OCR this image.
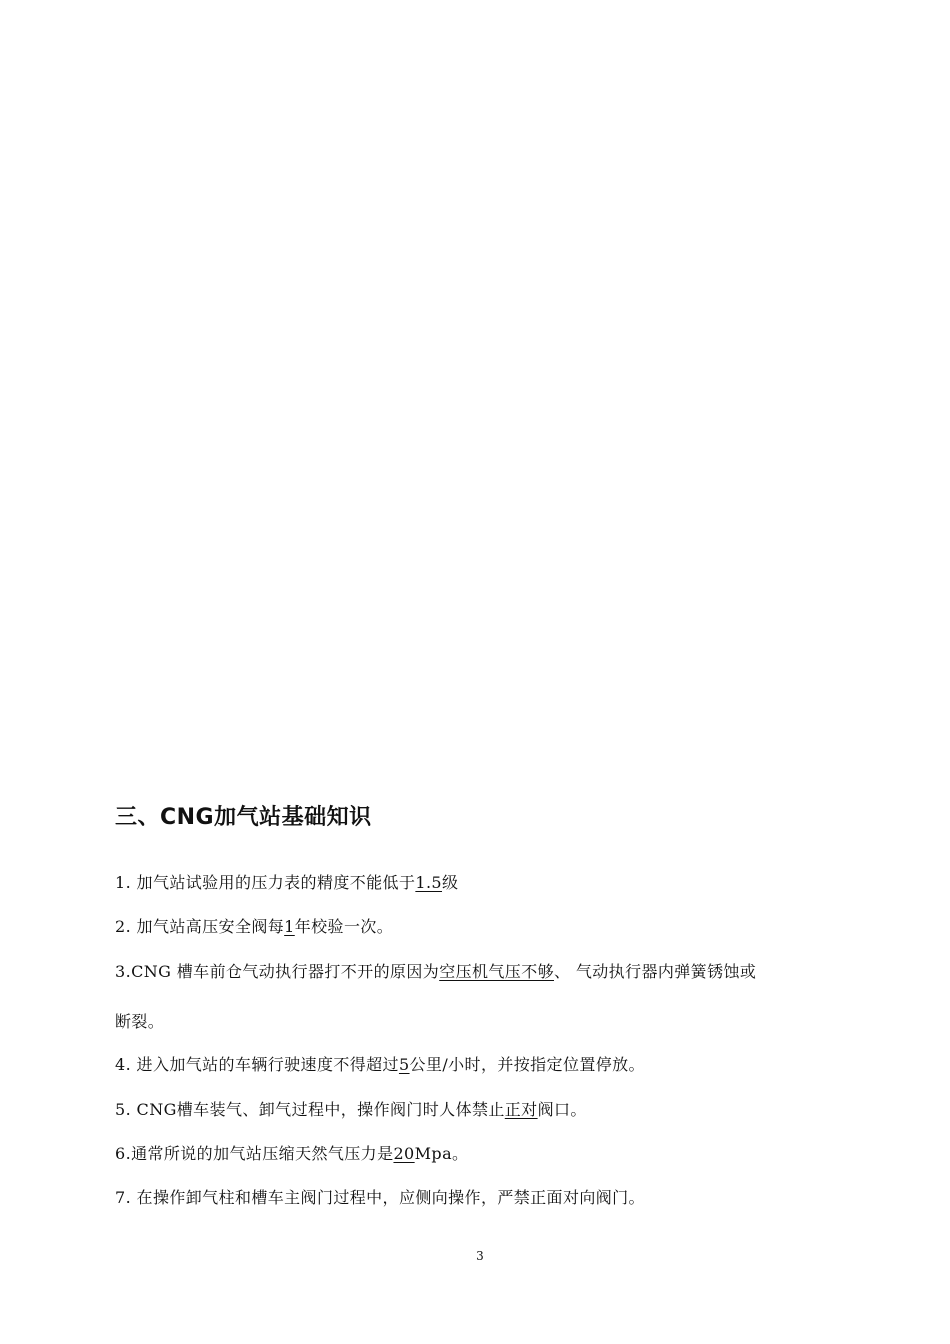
三、CNG加气站基础知识
1. 加气站试验用的压力表的精度不能低于1.5级
2. 加气站高压安全阀每1年校验一次。
3.CNG 槽车前仓气动执行器打不开的原因为空压机气压不够、 气动执行器内弹簧锈蚀或
断裂。
4. 进入加气站的车辆行驶速度不得超过5公里/小时，并按指定位置停放。
5. CNG槽车装气、卸气过程中，操作阀门时人体禁止正对阀口。
6.通常所说的加气站压缩天然气压力是20Mpa。
7. 在操作卸气柱和槽车主阀门过程中，应侧向操作，严禁正面对向阀门。
3
